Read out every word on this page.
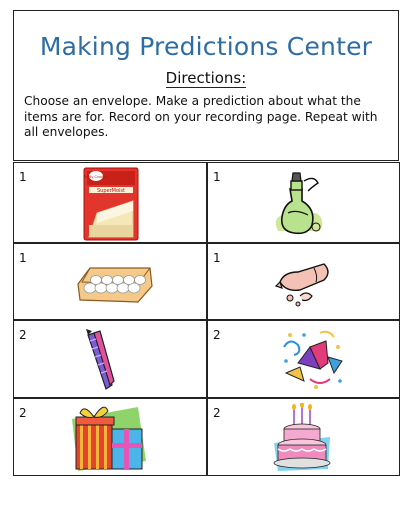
Making Predictions Center
Directions:
Choose an envelope. Make a prediction about what the items are for. Record on your recording page. Repeat with all envelopes.
1
SuperMoist
Betty Crocker	1
1	1
2	2
2	2
